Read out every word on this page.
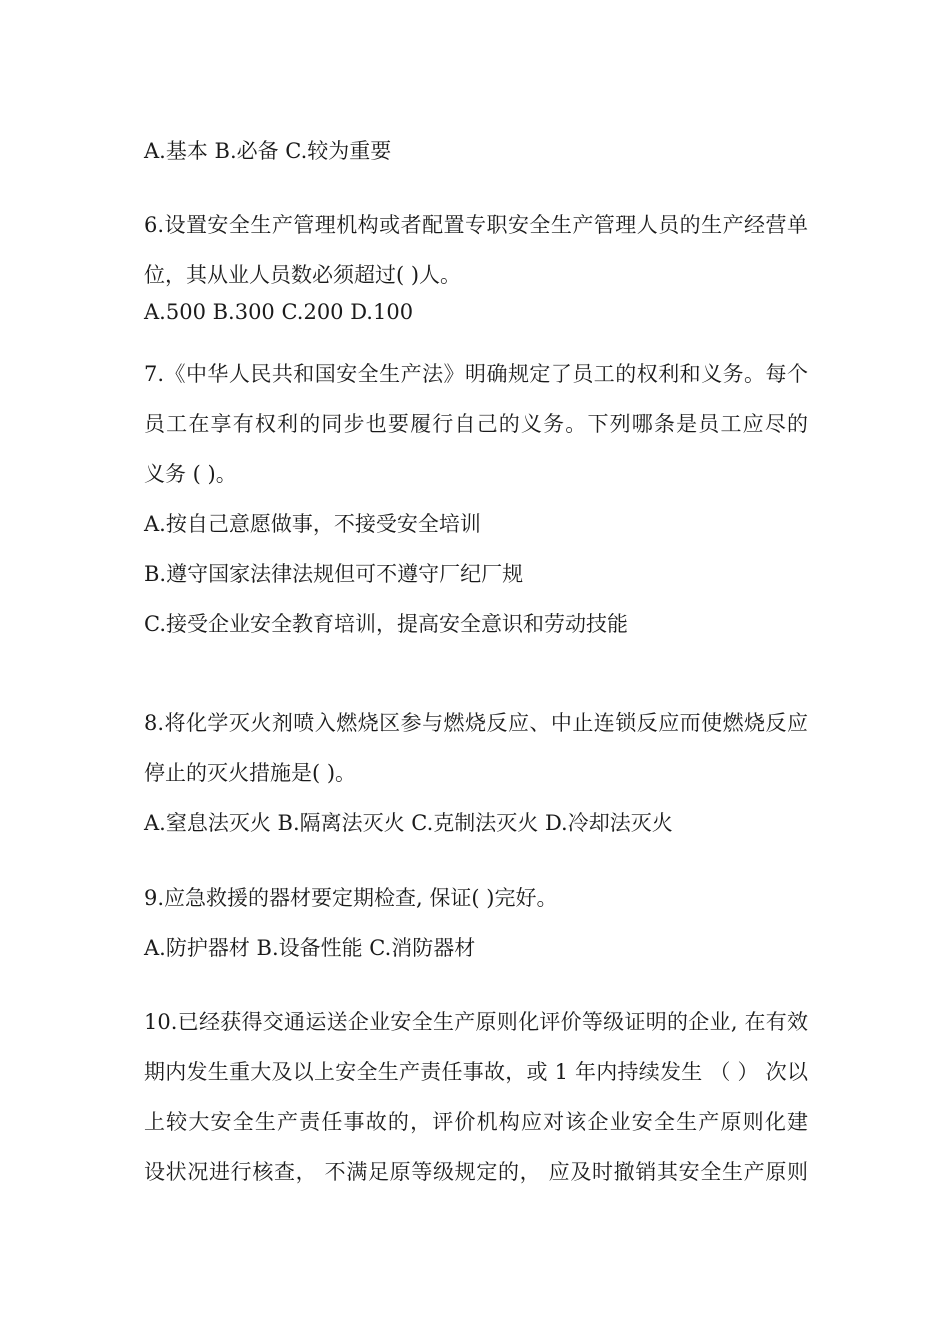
A.基本 B.必备 C.较为重要
6.设置安全生产管理机构或者配置专职安全生产管理人员的生产经营单
位，其从业人员数必须超过( )人。
A.500 B.300 C.200 D.100
7.《中华人民共和国安全生产法》明确规定了员工的权利和义务。每个
员工在享有权利的同步也要履行自己的义务。下列哪条是员工应尽的
义务 ( )。
A.按自己意愿做事，不接受安全培训
B.遵守国家法律法规但可不遵守厂纪厂规
C.接受企业安全教育培训，提高安全意识和劳动技能
8.将化学灭火剂喷入燃烧区参与燃烧反应、中止连锁反应而使燃烧反应
停止的灭火措施是( )。
A.窒息法灭火 B.隔离法灭火 C.克制法灭火 D.冷却法灭火
9.应急救援的器材要定期检查, 保证( )完好。
A.防护器材 B.设备性能 C.消防器材
10.已经获得交通运送企业安全生产原则化评价等级证明的企业, 在有效
期内发生重大及以上安全生产责任事故，或 1 年内持续发生 （ ） 次以
上较大安全生产责任事故的，评价机构应对该企业安全生产原则化建
设状况进行核查， 不满足原等级规定的， 应及时撤销其安全生产原则
